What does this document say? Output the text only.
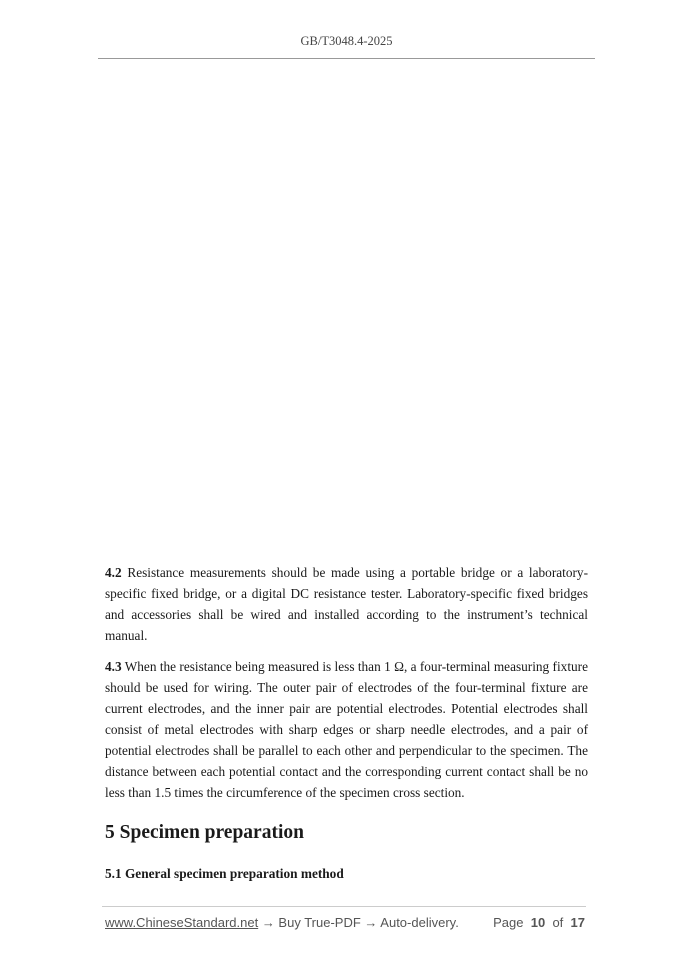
GB/T3048.4-2025

4.2 Resistance measurements should be made using a portable bridge or a laboratory-specific fixed bridge, or a digital DC resistance tester. Laboratory-specific fixed bridges and accessories shall be wired and installed according to the instrument’s technical manual.

4.3 When the resistance being measured is less than 1 Ω, a four-terminal measuring fixture should be used for wiring. The outer pair of electrodes of the four-terminal fixture are current electrodes, and the inner pair are potential electrodes. Potential electrodes shall consist of metal electrodes with sharp edges or sharp needle electrodes, and a pair of potential electrodes shall be parallel to each other and perpendicular to the specimen. The distance between each potential contact and the corresponding current contact shall be no less than 1.5 times the circumference of the specimen cross section.

5 Specimen preparation
5.1 General specimen preparation method
www.ChineseStandard.net → Buy True-PDF → Auto-delivery.	Page 10 of 17
